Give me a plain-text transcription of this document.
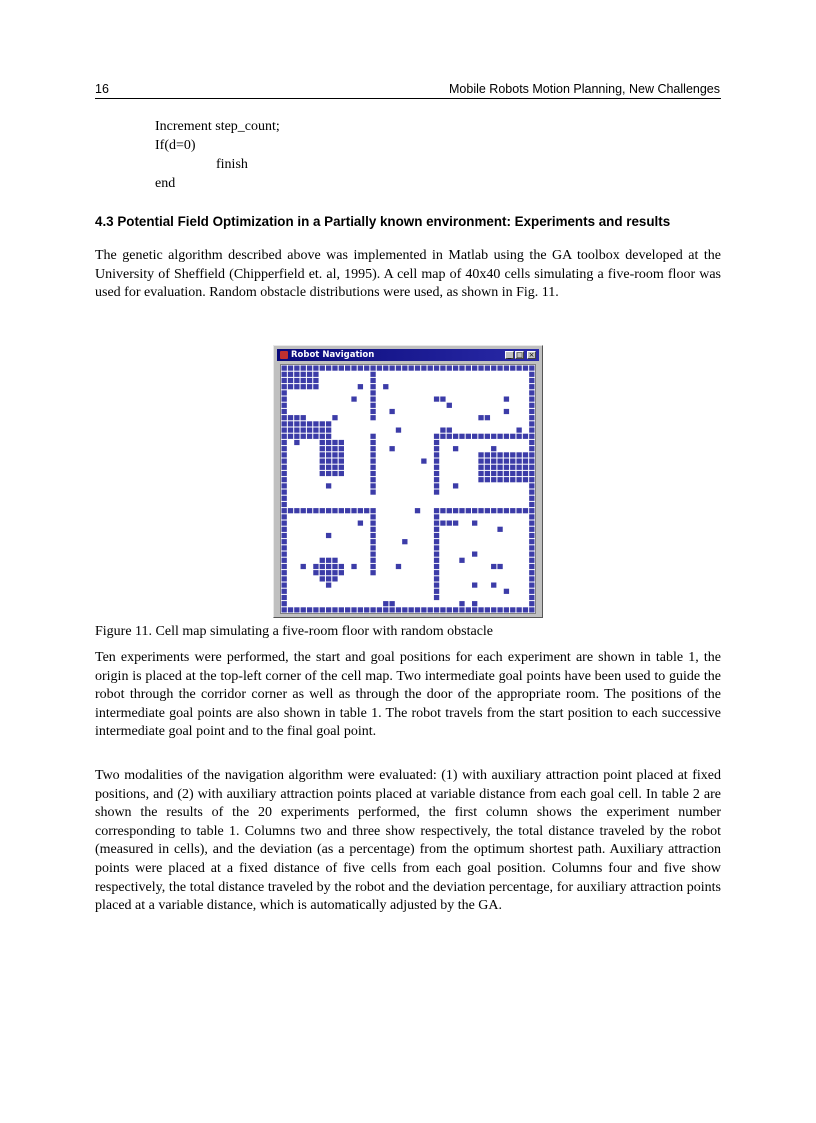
16	Mobile Robots Motion Planning, New Challenges
Increment step_count;
If(d=0)
finish
end
4.3 Potential Field Optimization in a Partially known environment: Experiments and results
The genetic algorithm described above was implemented in Matlab using the GA toolbox developed at the University of Sheffield (Chipperfield et. al, 1995). A cell map of 40x40 cells simulating a five-room floor was used for evaluation. Random obstacle distributions were used, as shown in Fig. 11.
Robot Navigation	_ □ ×
Figure 11. Cell map simulating a five-room floor with random obstacle
Ten experiments were performed, the start and goal positions for each experiment are shown in table 1, the origin is placed at the top-left corner of the cell map. Two intermediate goal points have been used to guide the robot through the corridor corner as well as through the door of the appropriate room. The positions of the intermediate goal points are also shown in table 1. The robot travels from the start position to each successive intermediate goal point and to the final goal point.
Two modalities of the navigation algorithm were evaluated: (1) with auxiliary attraction point placed at fixed positions, and (2) with auxiliary attraction points placed at variable distance from each goal cell. In table 2 are shown the results of the 20 experiments performed, the first column shows the experiment number corresponding to table 1. Columns two and three show respectively, the total distance traveled by the robot (measured in cells), and the deviation (as a percentage) from the optimum shortest path. Auxiliary attraction points were placed at a fixed distance of five cells from each goal position. Columns four and five show respectively, the total distance traveled by the robot and the deviation percentage, for auxiliary attraction points placed at a variable distance, which is automatically adjusted by the GA.
